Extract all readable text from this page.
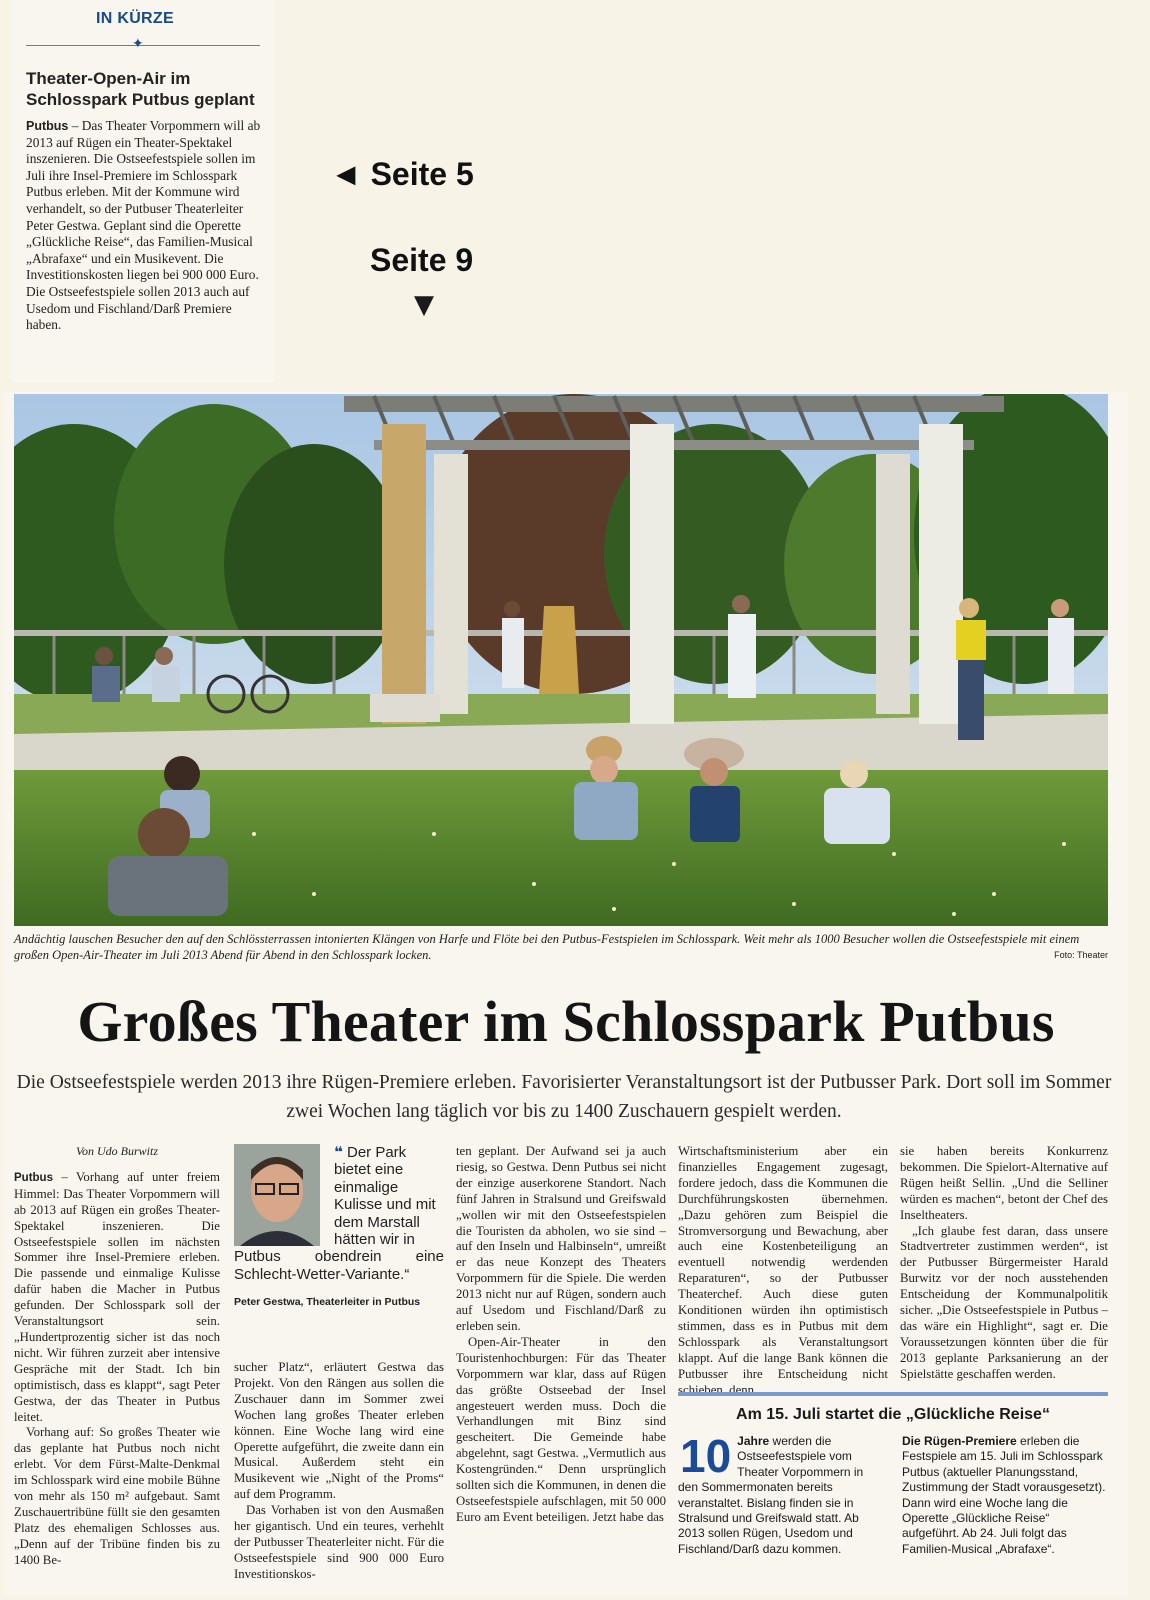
IN KÜRZE
✦
Theater-Open-Air im Schlosspark Putbus geplant

Putbus – Das Theater Vorpommern will ab 2013 auf Rügen ein Theater-Spektakel inszenieren. Die Ostseefestspiele sollen im Juli ihre Insel-Premiere im Schlosspark Putbus erleben. Mit der Kommune wird verhandelt, so der Putbuser Theaterleiter Peter Gestwa. Geplant sind die Operette „Glückliche Reise“, das Familien-Musical „Abrafaxe“ und ein Musikevent. Die Investitionskosten liegen bei 900 000 Euro. Die Ostseefestspiele sollen 2013 auch auf Usedom und Fischland/Darß Premiere haben.

◄ Seite 5
Seite 9
▼
Andächtig lauschen Besucher den auf den Schlössterrassen intonierten Klängen von Harfe und Flöte bei den Putbus-Festspielen im Schlosspark. Weit mehr als 1000 Besucher wollen die Ostseefestspiele mit einem großen Open-Air-Theater im Juli 2013 Abend für Abend in den Schlosspark locken.	Foto: Theater
Großes Theater im Schlosspark Putbus
Die Ostseefestspiele werden 2013 ihre Rügen-Premiere erleben. Favorisierter Veranstaltungsort ist der Putbusser Park. Dort soll im Sommer zwei Wochen lang täglich vor bis zu 1400 Zuschauern gespielt werden.
Von Udo Burwitz

Putbus – Vorhang auf unter freiem Himmel: Das Theater Vorpommern will ab 2013 auf Rügen ein großes Theater-Spektakel inszenieren. Die Ostseefestspiele sollen im nächsten Sommer ihre Insel-Premiere erleben. Die passende und einmalige Kulisse dafür haben die Macher in Putbus gefunden. Der Schlosspark soll der Veranstaltungsort sein. „Hundertprozentig sicher ist das noch nicht. Wir führen zurzeit aber intensive Gespräche mit der Stadt. Ich bin optimistisch, dass es klappt“, sagt Peter Gestwa, der das Theater in Putbus leitet.

Vorhang auf: So großes Theater wie das geplante hat Putbus noch nicht erlebt. Vor dem Fürst-Malte-Denkmal im Schlosspark wird eine mobile Bühne von mehr als 150 m² aufgebaut. Samt Zuschauertribüne füllt sie den gesamten Platz des ehemaligen Schlosses aus. „Denn auf der Tribüne finden bis zu 1400 Be-

❝ Der Park
bietet eine
einmalige
Kulisse und mit
dem Marstall
hätten wir in
Putbus obendrein eine Schlecht-Wetter-Variante.“
Peter Gestwa, Theaterleiter in Putbus

sucher Platz“, erläutert Gestwa das Projekt. Von den Rängen aus sollen die Zuschauer dann im Sommer zwei Wochen lang großes Theater erleben können. Eine Woche lang wird eine Operette aufgeführt, die zweite dann ein Musical. Außerdem steht ein Musikevent wie „Night of the Proms“ auf dem Programm.

Das Vorhaben ist von den Ausmaßen her gigantisch. Und ein teures, verhehlt der Putbusser Theaterleiter nicht. Für die Ostseefestspiele sind 900 000 Euro Investitionskos-

ten geplant. Der Aufwand sei ja auch riesig, so Gestwa. Denn Putbus sei nicht der einzige auserkorene Standort. Nach fünf Jahren in Stralsund und Greifswald „wollen wir mit den Ostseefestspielen die Touristen da abholen, wo sie sind – auf den Inseln und Halbinseln“, umreißt er das neue Konzept des Theaters Vorpommern für die Spiele. Die werden 2013 nicht nur auf Rügen, sondern auch auf Usedom und Fischland/Darß zu erleben sein.

Open-Air-Theater in den Touristenhochburgen: Für das Theater Vorpommern war klar, dass auf Rügen das größte Ostseebad der Insel angesteuert werden muss. Doch die Verhandlungen mit Binz sind gescheitert. Die Gemeinde habe abgelehnt, sagt Gestwa. „Vermutlich aus Kostengründen.“ Denn ursprünglich sollten sich die Kommunen, in denen die Ostseefestspiele aufschlagen, mit 50 000 Euro am Event beteiligen. Jetzt habe das

Wirtschaftsministerium aber ein finanzielles Engagement zugesagt, fordere jedoch, dass die Kommunen die Durchführungskosten übernehmen. „Dazu gehören zum Beispiel die Stromversorgung und Bewachung, aber auch eine Kostenbeteiligung an eventuell notwendig werdenden Reparaturen“, so der Putbusser Theaterchef. Auch diese guten Konditionen würden ihn optimistisch stimmen, dass es in Putbus mit dem Schlosspark als Veranstaltungsort klappt. Auf die lange Bank können die Putbusser ihre Entscheidung nicht schieben, denn

sie haben bereits Konkurrenz bekommen. Die Spielort-Alternative auf Rügen heißt Sellin. „Und die Selliner würden es machen“, betont der Chef des Inseltheaters.

„Ich glaube fest daran, dass unsere Stadtvertreter zustimmen werden“, ist der Putbusser Bürgermeister Harald Burwitz vor der noch ausstehenden Entscheidung der Kommunalpolitik sicher. „Die Ostseefestspiele in Putbus – das wäre ein Highlight“, sagt er. Die Voraussetzungen könnten über die für 2013 geplante Parksanierung an der Spielstätte geschaffen werden.

Am 15. Juli startet die „Glückliche Reise“
10 Jahre werden die Ostseefestspiele vom Theater Vorpommern in den Sommermonaten bereits veranstaltet. Bislang finden sie in Stralsund und Greifswald statt. Ab 2013 sollen Rügen, Usedom und Fischland/Darß dazu kommen.
Die Rügen-Premiere erleben die Festspiele am 15. Juli im Schlosspark Putbus (aktueller Planungsstand, Zustimmung der Stadt vorausgesetzt). Dann wird eine Woche lang die Operette „Glückliche Reise“ aufgeführt. Ab 24. Juli folgt das Familien-Musical „Abrafaxe“.
